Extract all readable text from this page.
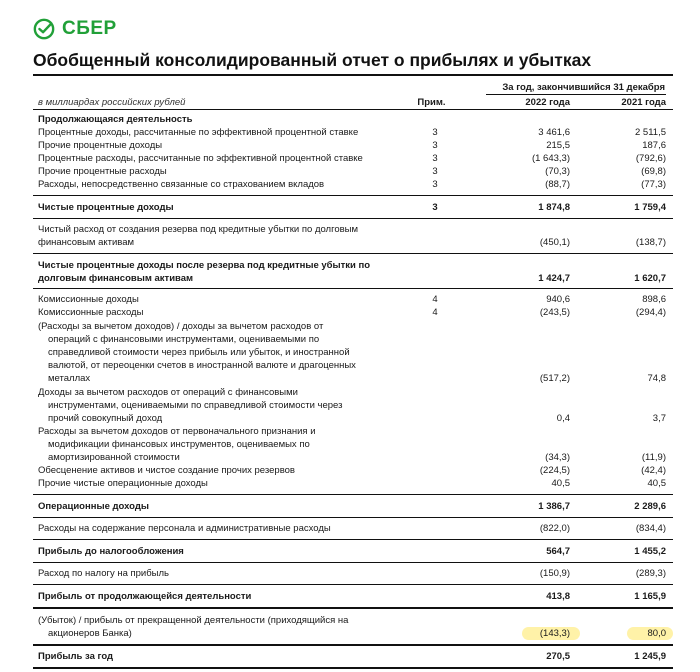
СБЕР
Обобщенный консолидированный отчет о прибылях и убытках
За год, закончившийся 31 декабря
в миллиардах российских рублей	Прим.	2022 года	2021 года
Продолжающаяся деятельность
Процентные доходы, рассчитанные по эффективной процентной ставке	3	3 461,6	2 511,5
Прочие процентные доходы	3	215,5	187,6
Процентные расходы, рассчитанные по эффективной процентной ставке	3	(1 643,3)	(792,6)
Прочие процентные расходы	3	(70,3)	(69,8)
Расходы, непосредственно связанные со страхованием вкладов	3	(88,7)	(77,3)
Чистые процентные доходы	3	1 874,8	1 759,4
Чистый расход от создания резерва под кредитные убытки по долговым
финансовым активам	(450,1)	(138,7)
Чистые процентные доходы после резерва под кредитные убытки по
долговым финансовым активам	1 424,7	1 620,7
Комиссионные доходы	4	940,6	898,6
Комиссионные расходы	4	(243,5)	(294,4)
(Расходы за вычетом доходов) / доходы за вычетом расходов от
операций с финансовыми инструментами, оцениваемыми по
справедливой стоимости через прибыль или убыток, и иностранной
валютой, от переоценки счетов в иностранной валюте и драгоценных
металлах	(517,2)	74,8
Доходы за вычетом расходов от операций с финансовыми
инструментами, оцениваемыми по справедливой стоимости через
прочий совокупный доход	0,4	3,7
Расходы за вычетом доходов от первоначального признания и
модификации финансовых инструментов, оцениваемых по
амортизированной стоимости	(34,3)	(11,9)
Обесценение активов и чистое создание прочих резервов	(224,5)	(42,4)
Прочие чистые операционные доходы	40,5	40,5
Операционные доходы	1 386,7	2 289,6
Расходы на содержание персонала и административные расходы	(822,0)	(834,4)
Прибыль до налогообложения	564,7	1 455,2
Расход по налогу на прибыль	(150,9)	(289,3)
Прибыль от продолжающейся деятельности	413,8	1 165,9
(Убыток) / прибыль от прекращенной деятельности (приходящийся на
акционеров Банка)	(143,3)	80,0
Прибыль за год	270,5	1 245,9
